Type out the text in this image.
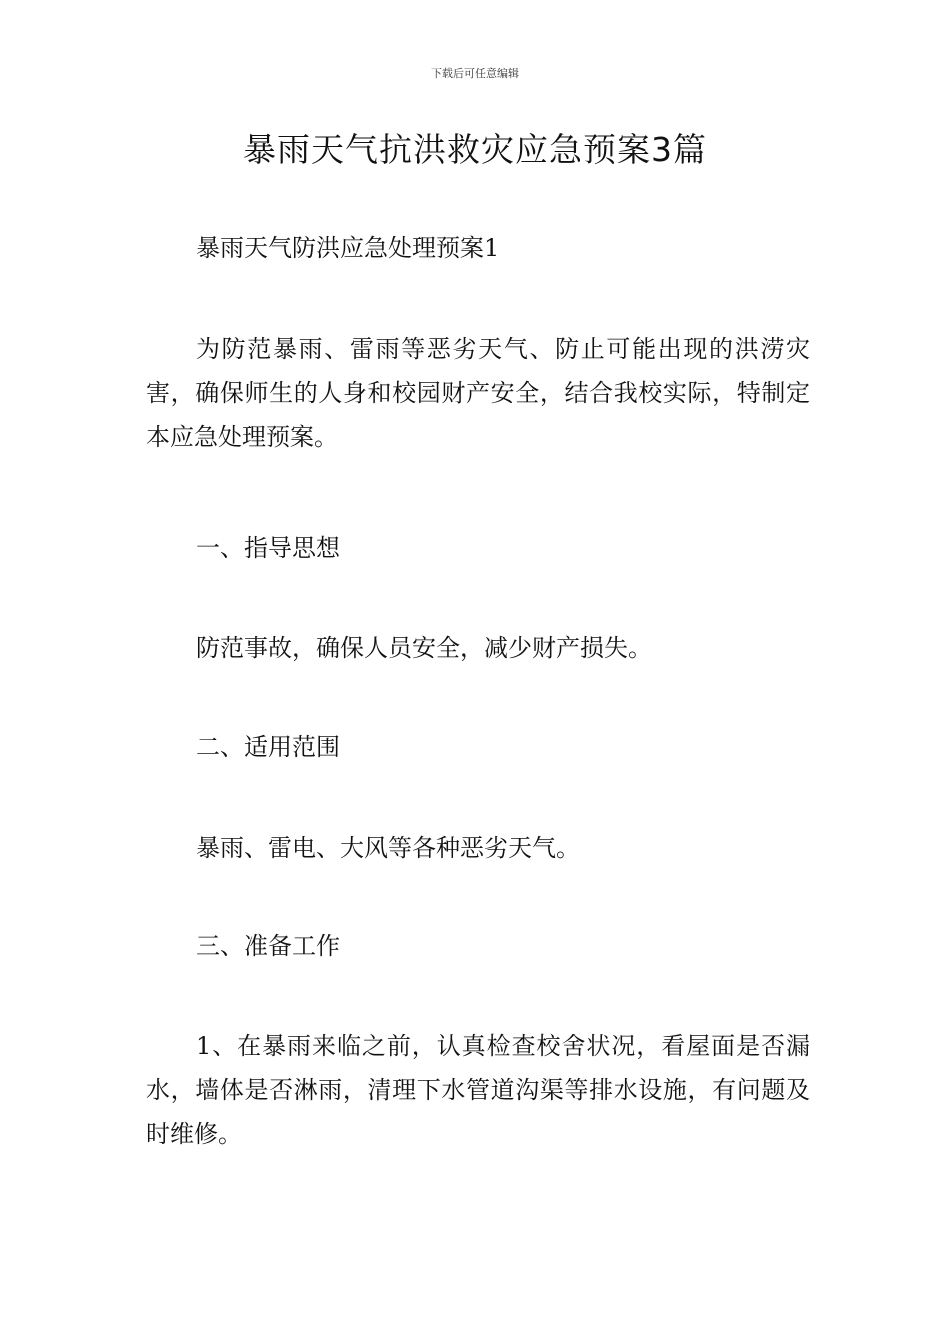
下载后可任意编辑
暴雨天气抗洪救灾应急预案3篇

暴雨天气防洪应急处理预案1

为防范暴雨、雷雨等恶劣天气、防止可能出现的洪涝灾害，确保师生的人身和校园财产安全，结合我校实际，特制定本应急处理预案。

一、指导思想

防范事故，确保人员安全，减少财产损失。

二、适用范围

暴雨、雷电、大风等各种恶劣天气。

三、准备工作

1、在暴雨来临之前，认真检查校舍状况，看屋面是否漏水，墙体是否淋雨，清理下水管道沟渠等排水设施，有问题及时维修。
